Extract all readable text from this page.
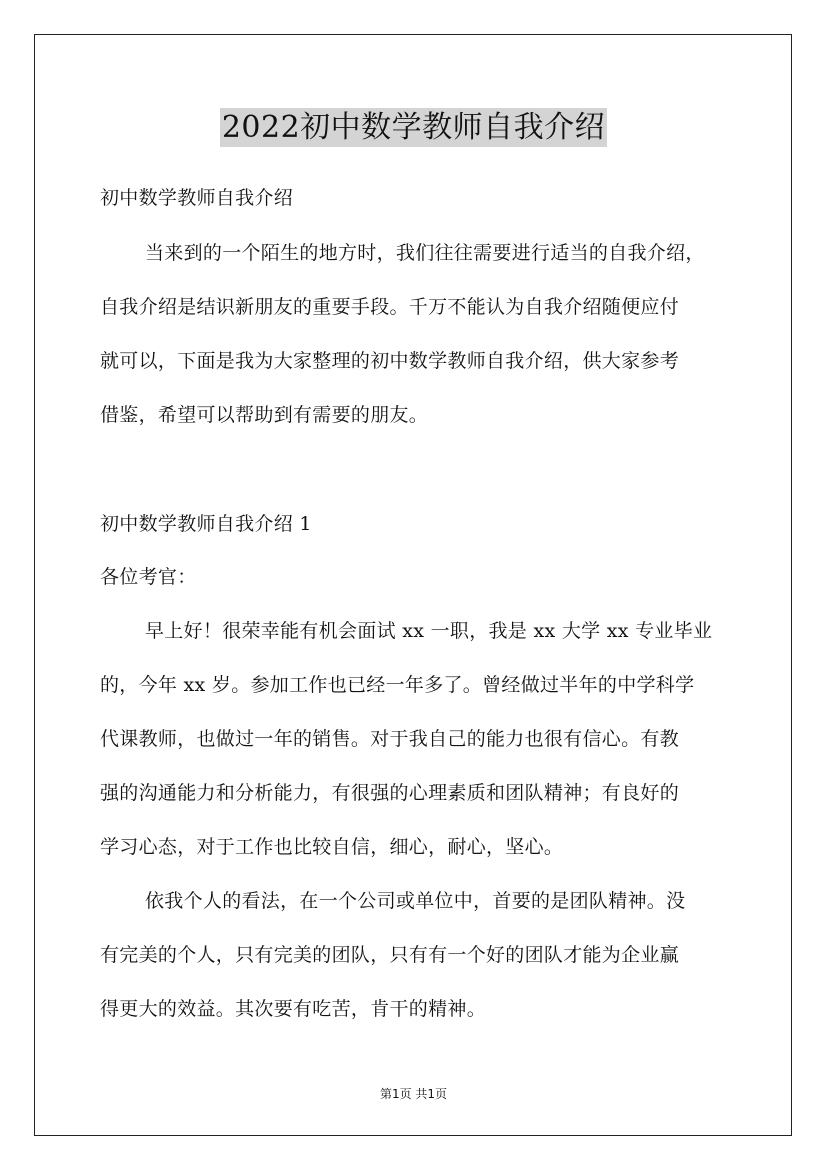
2022初中数学教师自我介绍
初中数学教师自我介绍
当来到的一个陌生的地方时，我们往往需要进行适当的自我介绍，
自我介绍是结识新朋友的重要手段。千万不能认为自我介绍随便应付
就可以，下面是我为大家整理的初中数学教师自我介绍，供大家参考
借鉴，希望可以帮助到有需要的朋友。
初中数学教师自我介绍 1
各位考官：
早上好！很荣幸能有机会面试 xx 一职，我是 xx 大学 xx 专业毕业
的，今年 xx 岁。参加工作也已经一年多了。曾经做过半年的中学科学
代课教师，也做过一年的销售。对于我自己的能力也很有信心。有教
强的沟通能力和分析能力，有很强的心理素质和团队精神；有良好的
学习心态，对于工作也比较自信，细心，耐心，坚心。
依我个人的看法，在一个公司或单位中，首要的是团队精神。没
有完美的个人，只有完美的团队，只有有一个好的团队才能为企业赢
得更大的效益。其次要有吃苦，肯干的精神。
第1页 共1页
